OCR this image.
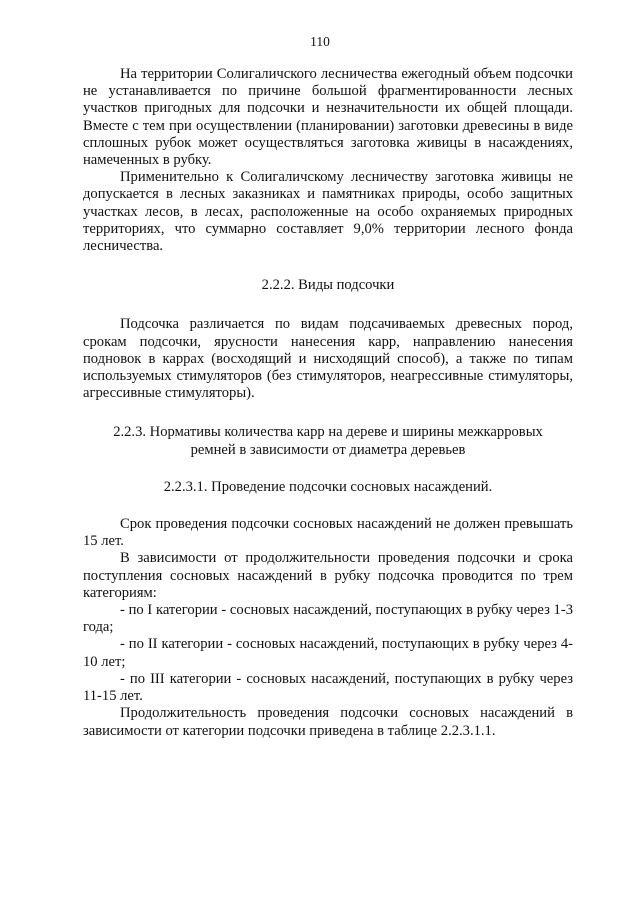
110

На территории Солигаличского лесничества ежегодный объем подсочки не устанавливается по причине большой фрагментированности лесных участков пригодных для подсочки и незначительности их общей площади. Вместе с тем при осуществлении (планировании) заготовки древесины в виде сплошных рубок может осуществляться заготовка живицы в насаждениях, намеченных в рубку.

Применительно к Солигаличскому лесничеству заготовка живицы не допускается в лесных заказниках и памятниках природы, особо защитных участках лесов, в лесах, расположенные на особо охраняемых природных территориях, что суммарно составляет 9,0% территории лесного фонда лесничества.

2.2.2. Виды подсочки

Подсочка различается по видам подсачиваемых древесных пород, срокам подсочки, ярусности нанесения карр, направлению нанесения подновок в каррах (восходящий и нисходящий способ), а также по типам используемых стимуляторов (без стимуляторов, неагрессивные стимуляторы, агрессивные стимуляторы).

2.2.3. Нормативы количества карр на дереве и ширины межкарровых
ремней в зависимости от диаметра деревьев

2.2.3.1. Проведение подсочки сосновых насаждений.

Срок проведения подсочки сосновых насаждений не должен превышать 15 лет.

В зависимости от продолжительности проведения подсочки и срока поступления сосновых насаждений в рубку подсочка проводится по трем категориям:

- по I категории - сосновых насаждений, поступающих в рубку через 1-3 года;

- по II категории - сосновых насаждений, поступающих в рубку через 4-10 лет;

- по III категории - сосновых насаждений, поступающих в рубку через 11-15 лет.

Продолжительность проведения подсочки сосновых насаждений в зависимости от категории подсочки приведена в таблице 2.2.3.1.1.
